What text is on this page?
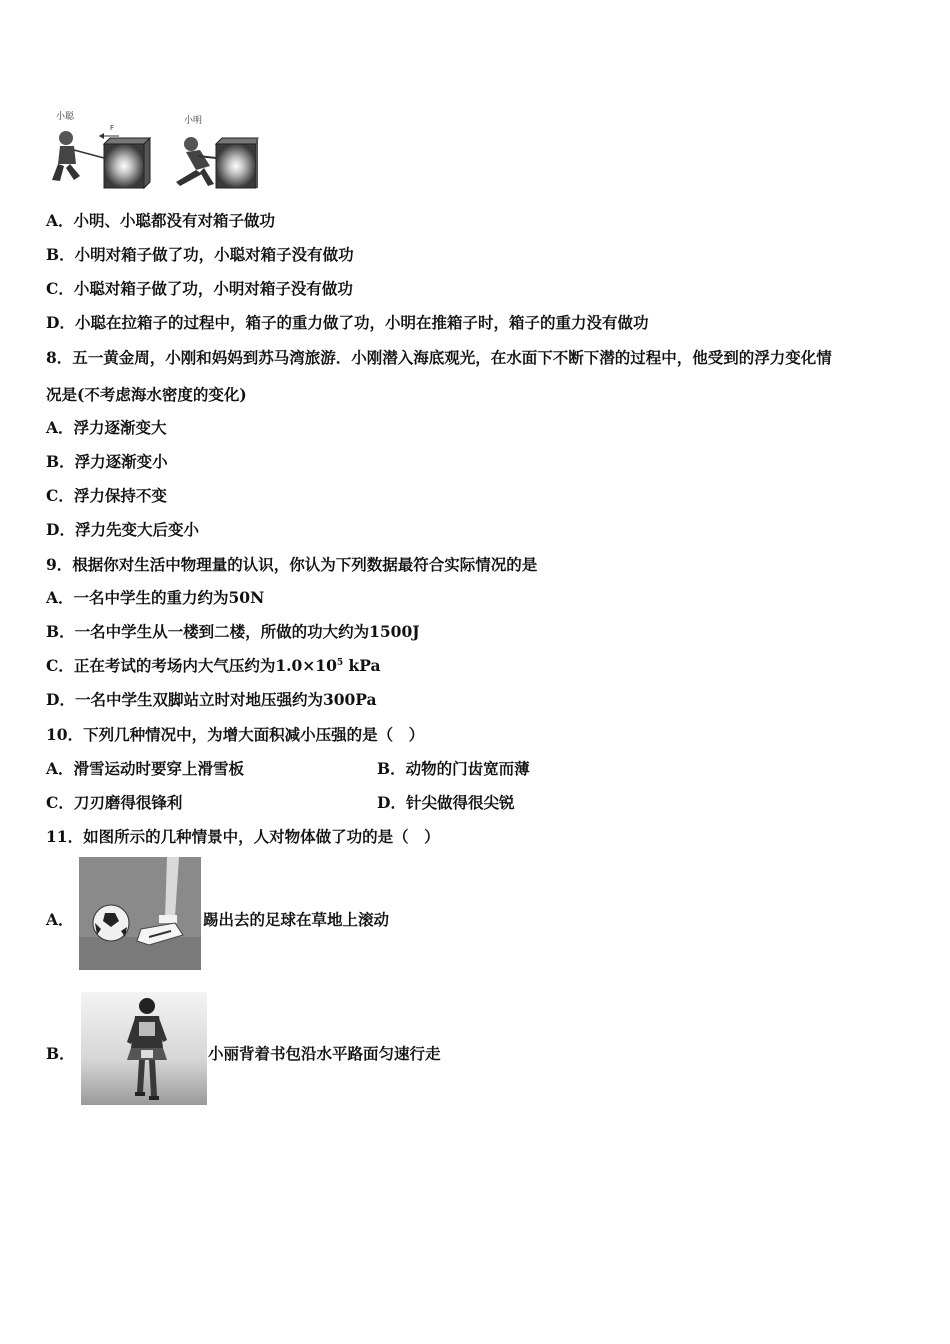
小聪
F
小明
A．小明、小聪都没有对箱子做功
B．小明对箱子做了功，小聪对箱子没有做功
C．小聪对箱子做了功，小明对箱子没有做功
D．小聪在拉箱子的过程中，箱子的重力做了功，小明在推箱子时，箱子的重力没有做功
8．五一黄金周，小刚和妈妈到苏马湾旅游．小刚潜入海底观光，在水面下不断下潜的过程中，他受到的浮力变化情
况是(不考虑海水密度的变化)
A．浮力逐渐变大
B．浮力逐渐变小
C．浮力保持不变
D．浮力先变大后变小
9．根据你对生活中物理量的认识，你认为下列数据最符合实际情况的是
A．一名中学生的重力约为50N
B．一名中学生从一楼到二楼，所做的功大约为1500J
C．正在考试的考场内大气压约为$1.0\times 10^5$ kPa
D．一名中学生双脚站立时对地压强约为300Pa
10．下列几种情况中，为增大面积减小压强的是（　）
A．滑雪运动时要穿上滑雪板	B．动物的门齿宽而薄
C．刀刃磨得很锋利	D．针尖做得很尖锐
11．如图所示的几种情景中，人对物体做了功的是（　）
A．	踢出去的足球在草地上滚动
B．	小丽背着书包沿水平路面匀速行走
